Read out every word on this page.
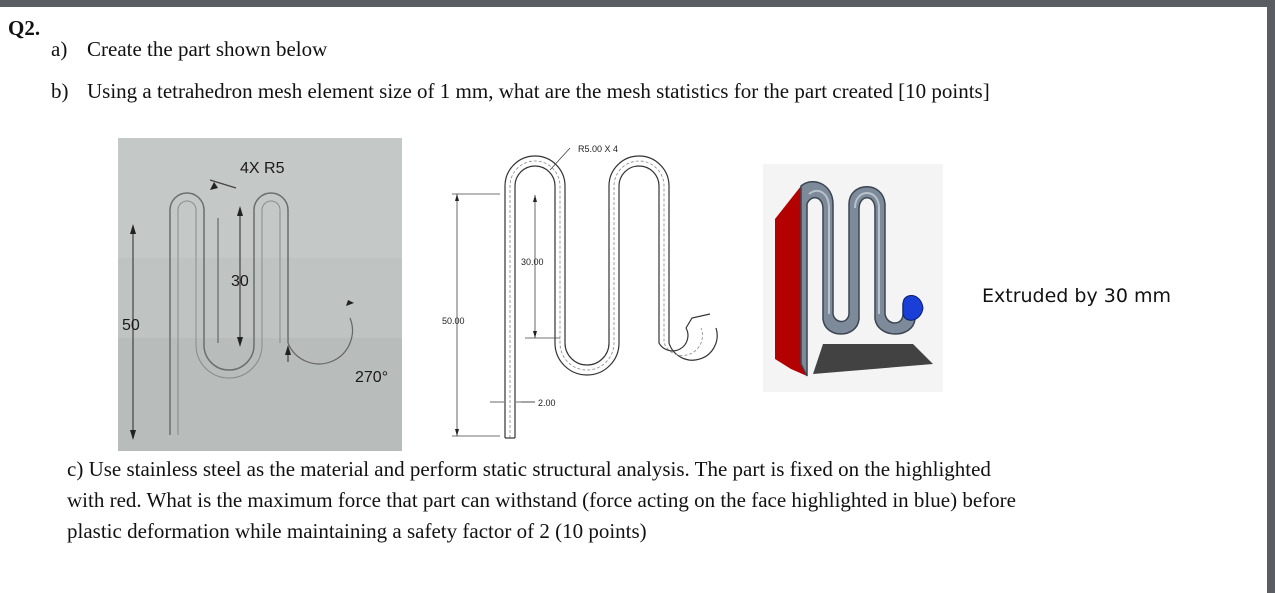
Q2.
a) Create the part shown below
b) Using a tetrahedron mesh element size of 1 mm, what are the mesh statistics for the part created [10 points]
4X R5
30
50
270°
R5.00 X 4
30.00
50.00
2.00
Extruded by 30 mm
c) Use stainless steel as the material and perform static structural analysis. The part is fixed on the highlighted
with red. What is the maximum force that part can withstand (force acting on the face highlighted in blue) before
plastic deformation while maintaining a safety factor of 2 (10 points)
